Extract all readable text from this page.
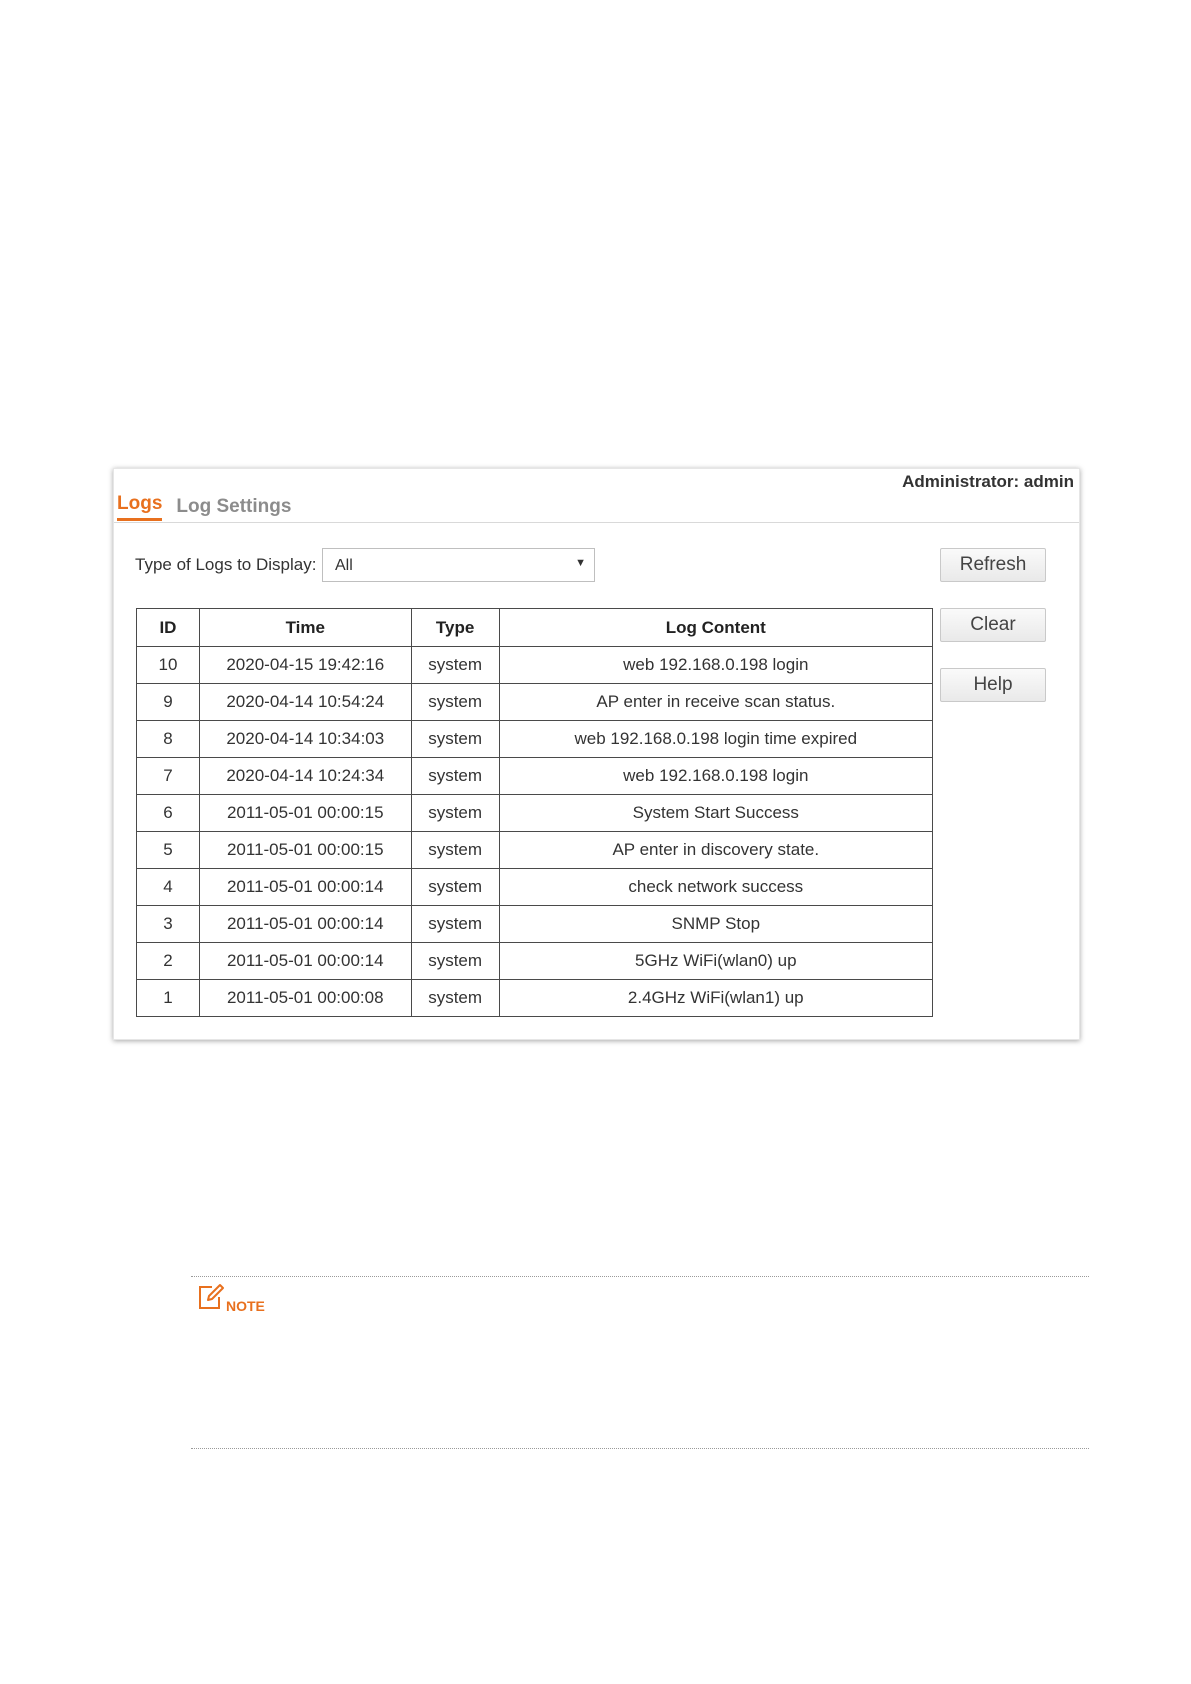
Administrator: admin
Logs Log Settings
Type of Logs to Display: All	▼	Refresh
Clear
Help
ID	Time	Type	Log Content
10	2020-04-15 19:42:16	system	web 192.168.0.198 login
9	2020-04-14 10:54:24	system	AP enter in receive scan status.
8	2020-04-14 10:34:03	system	web 192.168.0.198 login time expired
7	2020-04-14 10:24:34	system	web 192.168.0.198 login
6	2011-05-01 00:00:15	system	System Start Success
5	2011-05-01 00:00:15	system	AP enter in discovery state.
4	2011-05-01 00:00:14	system	check network success
3	2011-05-01 00:00:14	system	SNMP Stop
2	2011-05-01 00:00:14	system	5GHz WiFi(wlan0) up
1	2011-05-01 00:00:08	system	2.4GHz WiFi(wlan1) up
NOTE
